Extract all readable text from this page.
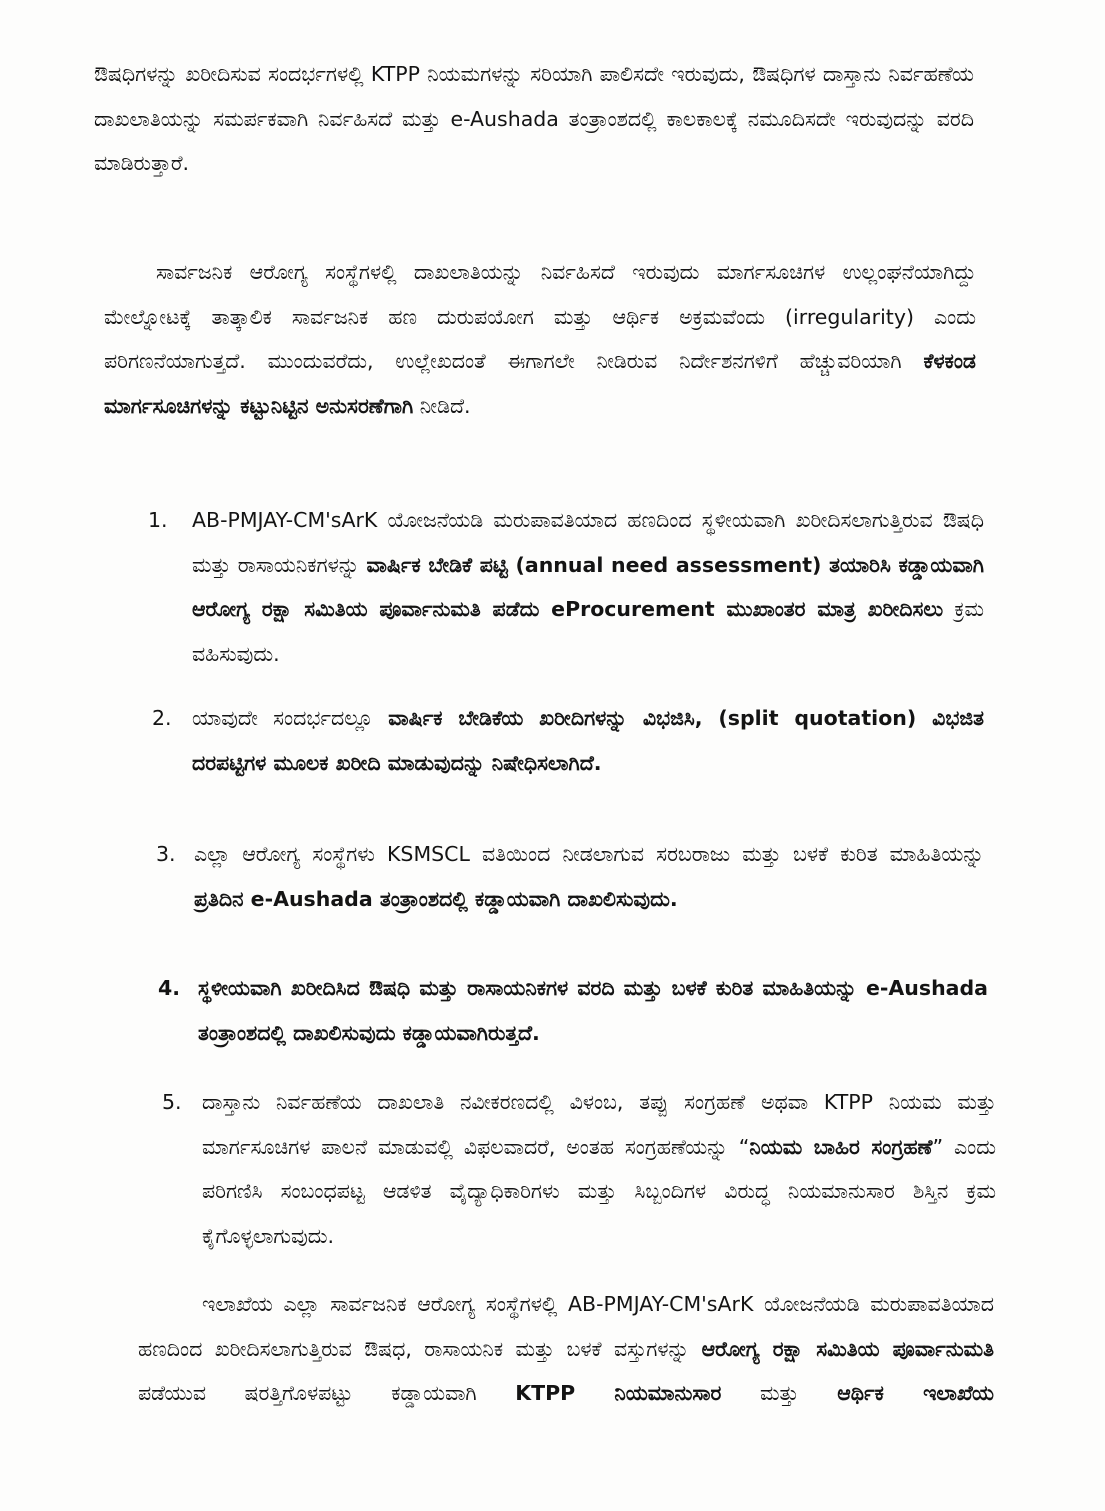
ಔಷಧಿಗಳನ್ನು ಖರೀದಿಸುವ ಸಂದರ್ಭಗಳಲ್ಲಿ KTPP ನಿಯಮಗಳನ್ನು ಸರಿಯಾಗಿ ಪಾಲಿಸದೇ ಇರುವುದು, ಔಷಧಿಗಳ ದಾಸ್ತಾನು ನಿರ್ವಹಣೆಯ ದಾಖಲಾತಿಯನ್ನು ಸಮರ್ಪಕವಾಗಿ ನಿರ್ವಹಿಸದೆ ಮತ್ತು e-Aushada ತಂತ್ರಾಂಶದಲ್ಲಿ ಕಾಲಕಾಲಕ್ಕೆ ನಮೂದಿಸದೇ ಇರುವುದನ್ನು ವರದಿ ಮಾಡಿರುತ್ತಾರೆ.

ಸಾರ್ವಜನಿಕ ಆರೋಗ್ಯ ಸಂಸ್ಥೆಗಳಲ್ಲಿ ದಾಖಲಾತಿಯನ್ನು ನಿರ್ವಹಿಸದೆ ಇರುವುದು ಮಾರ್ಗಸೂಚಿಗಳ ಉಲ್ಲಂಘನೆಯಾಗಿದ್ದು ಮೇಲ್ನೋಟಕ್ಕೆ ತಾತ್ಕಾಲಿಕ ಸಾರ್ವಜನಿಕ ಹಣ ದುರುಪಯೋಗ ಮತ್ತು ಆರ್ಥಿಕ ಅಕ್ರಮವೆಂದು (irregularity) ಎಂದು ಪರಿಗಣನೆಯಾಗುತ್ತದೆ. ಮುಂದುವರೆದು, ಉಲ್ಲೇಖದಂತೆ ಈಗಾಗಲೇ ನೀಡಿರುವ ನಿರ್ದೇಶನಗಳಿಗೆ ಹೆಚ್ಚುವರಿಯಾಗಿ ಕೆಳಕಂಡ ಮಾರ್ಗಸೂಚಿಗಳನ್ನು ಕಟ್ಟುನಿಟ್ಟಿನ ಅನುಸರಣೆಗಾಗಿ ನೀಡಿದೆ.

1. AB-PMJAY-CM'sArK ಯೋಜನೆಯಡಿ ಮರುಪಾವತಿಯಾದ ಹಣದಿಂದ ಸ್ಥಳೀಯವಾಗಿ ಖರೀದಿಸಲಾಗುತ್ತಿರುವ ಔಷಧಿ ಮತ್ತು ರಾಸಾಯನಿಕಗಳನ್ನು ವಾರ್ಷಿಕ ಬೇಡಿಕೆ ಪಟ್ಟಿ (annual need assessment) ತಯಾರಿಸಿ ಕಡ್ಡಾಯವಾಗಿ ಆರೋಗ್ಯ ರಕ್ಷಾ ಸಮಿತಿಯ ಪೂರ್ವಾನುಮತಿ ಪಡೆದು eProcurement ಮುಖಾಂತರ ಮಾತ್ರ ಖರೀದಿಸಲು ಕ್ರಮ ವಹಿಸುವುದು.

2. ಯಾವುದೇ ಸಂದರ್ಭದಲ್ಲೂ ವಾರ್ಷಿಕ ಬೇಡಿಕೆಯ ಖರೀದಿಗಳನ್ನು ವಿಭಜಿಸಿ, (split quotation) ವಿಭಜಿತ ದರಪಟ್ಟಿಗಳ ಮೂಲಕ ಖರೀದಿ ಮಾಡುವುದನ್ನು ನಿಷೇಧಿಸಲಾಗಿದೆ.

3. ಎಲ್ಲಾ ಆರೋಗ್ಯ ಸಂಸ್ಥೆಗಳು KSMSCL ವತಿಯಿಂದ ನೀಡಲಾಗುವ ಸರಬರಾಜು ಮತ್ತು ಬಳಕೆ ಕುರಿತ ಮಾಹಿತಿಯನ್ನು ಪ್ರತಿದಿನ e-Aushada ತಂತ್ರಾಂಶದಲ್ಲಿ ಕಡ್ಡಾಯವಾಗಿ ದಾಖಲಿಸುವುದು.

4. ಸ್ಥಳೀಯವಾಗಿ ಖರೀದಿಸಿದ ಔಷಧಿ ಮತ್ತು ರಾಸಾಯನಿಕಗಳ ವರದಿ ಮತ್ತು ಬಳಕೆ ಕುರಿತ ಮಾಹಿತಿಯನ್ನು e-Aushada ತಂತ್ರಾಂಶದಲ್ಲಿ ದಾಖಲಿಸುವುದು ಕಡ್ಡಾಯವಾಗಿರುತ್ತದೆ.

5. ದಾಸ್ತಾನು ನಿರ್ವಹಣೆಯ ದಾಖಲಾತಿ ನವೀಕರಣದಲ್ಲಿ ವಿಳಂಬ, ತಪ್ಪು ಸಂಗ್ರಹಣೆ ಅಥವಾ KTPP ನಿಯಮ ಮತ್ತು ಮಾರ್ಗಸೂಚಿಗಳ ಪಾಲನೆ ಮಾಡುವಲ್ಲಿ ವಿಫಲವಾದರೆ, ಅಂತಹ ಸಂಗ್ರಹಣೆಯನ್ನು “ನಿಯಮ ಬಾಹಿರ ಸಂಗ್ರಹಣೆ” ಎಂದು ಪರಿಗಣಿಸಿ ಸಂಬಂಧಪಟ್ಟ ಆಡಳಿತ ವೈದ್ಯಾಧಿಕಾರಿಗಳು ಮತ್ತು ಸಿಬ್ಬಂದಿಗಳ ವಿರುದ್ಧ ನಿಯಮಾನುಸಾರ ಶಿಸ್ತಿನ ಕ್ರಮ ಕೈಗೊಳ್ಳಲಾಗುವುದು.

ಇಲಾಖೆಯ ಎಲ್ಲಾ ಸಾರ್ವಜನಿಕ ಆರೋಗ್ಯ ಸಂಸ್ಥೆಗಳಲ್ಲಿ AB-PMJAY-CM'sArK ಯೋಜನೆಯಡಿ ಮರುಪಾವತಿಯಾದ ಹಣದಿಂದ ಖರೀದಿಸಲಾಗುತ್ತಿರುವ ಔಷಧ, ರಾಸಾಯನಿಕ ಮತ್ತು ಬಳಕೆ ವಸ್ತುಗಳನ್ನು ಆರೋಗ್ಯ ರಕ್ಷಾ ಸಮಿತಿಯ ಪೂರ್ವಾನುಮತಿ ಪಡೆಯುವ ಷರತ್ತಿಗೊಳಪಟ್ಟು ಕಡ್ಡಾಯವಾಗಿ KTPP ನಿಯಮಾನುಸಾರ ಮತ್ತು ಆರ್ಥಿಕ ಇಲಾಖೆಯ
